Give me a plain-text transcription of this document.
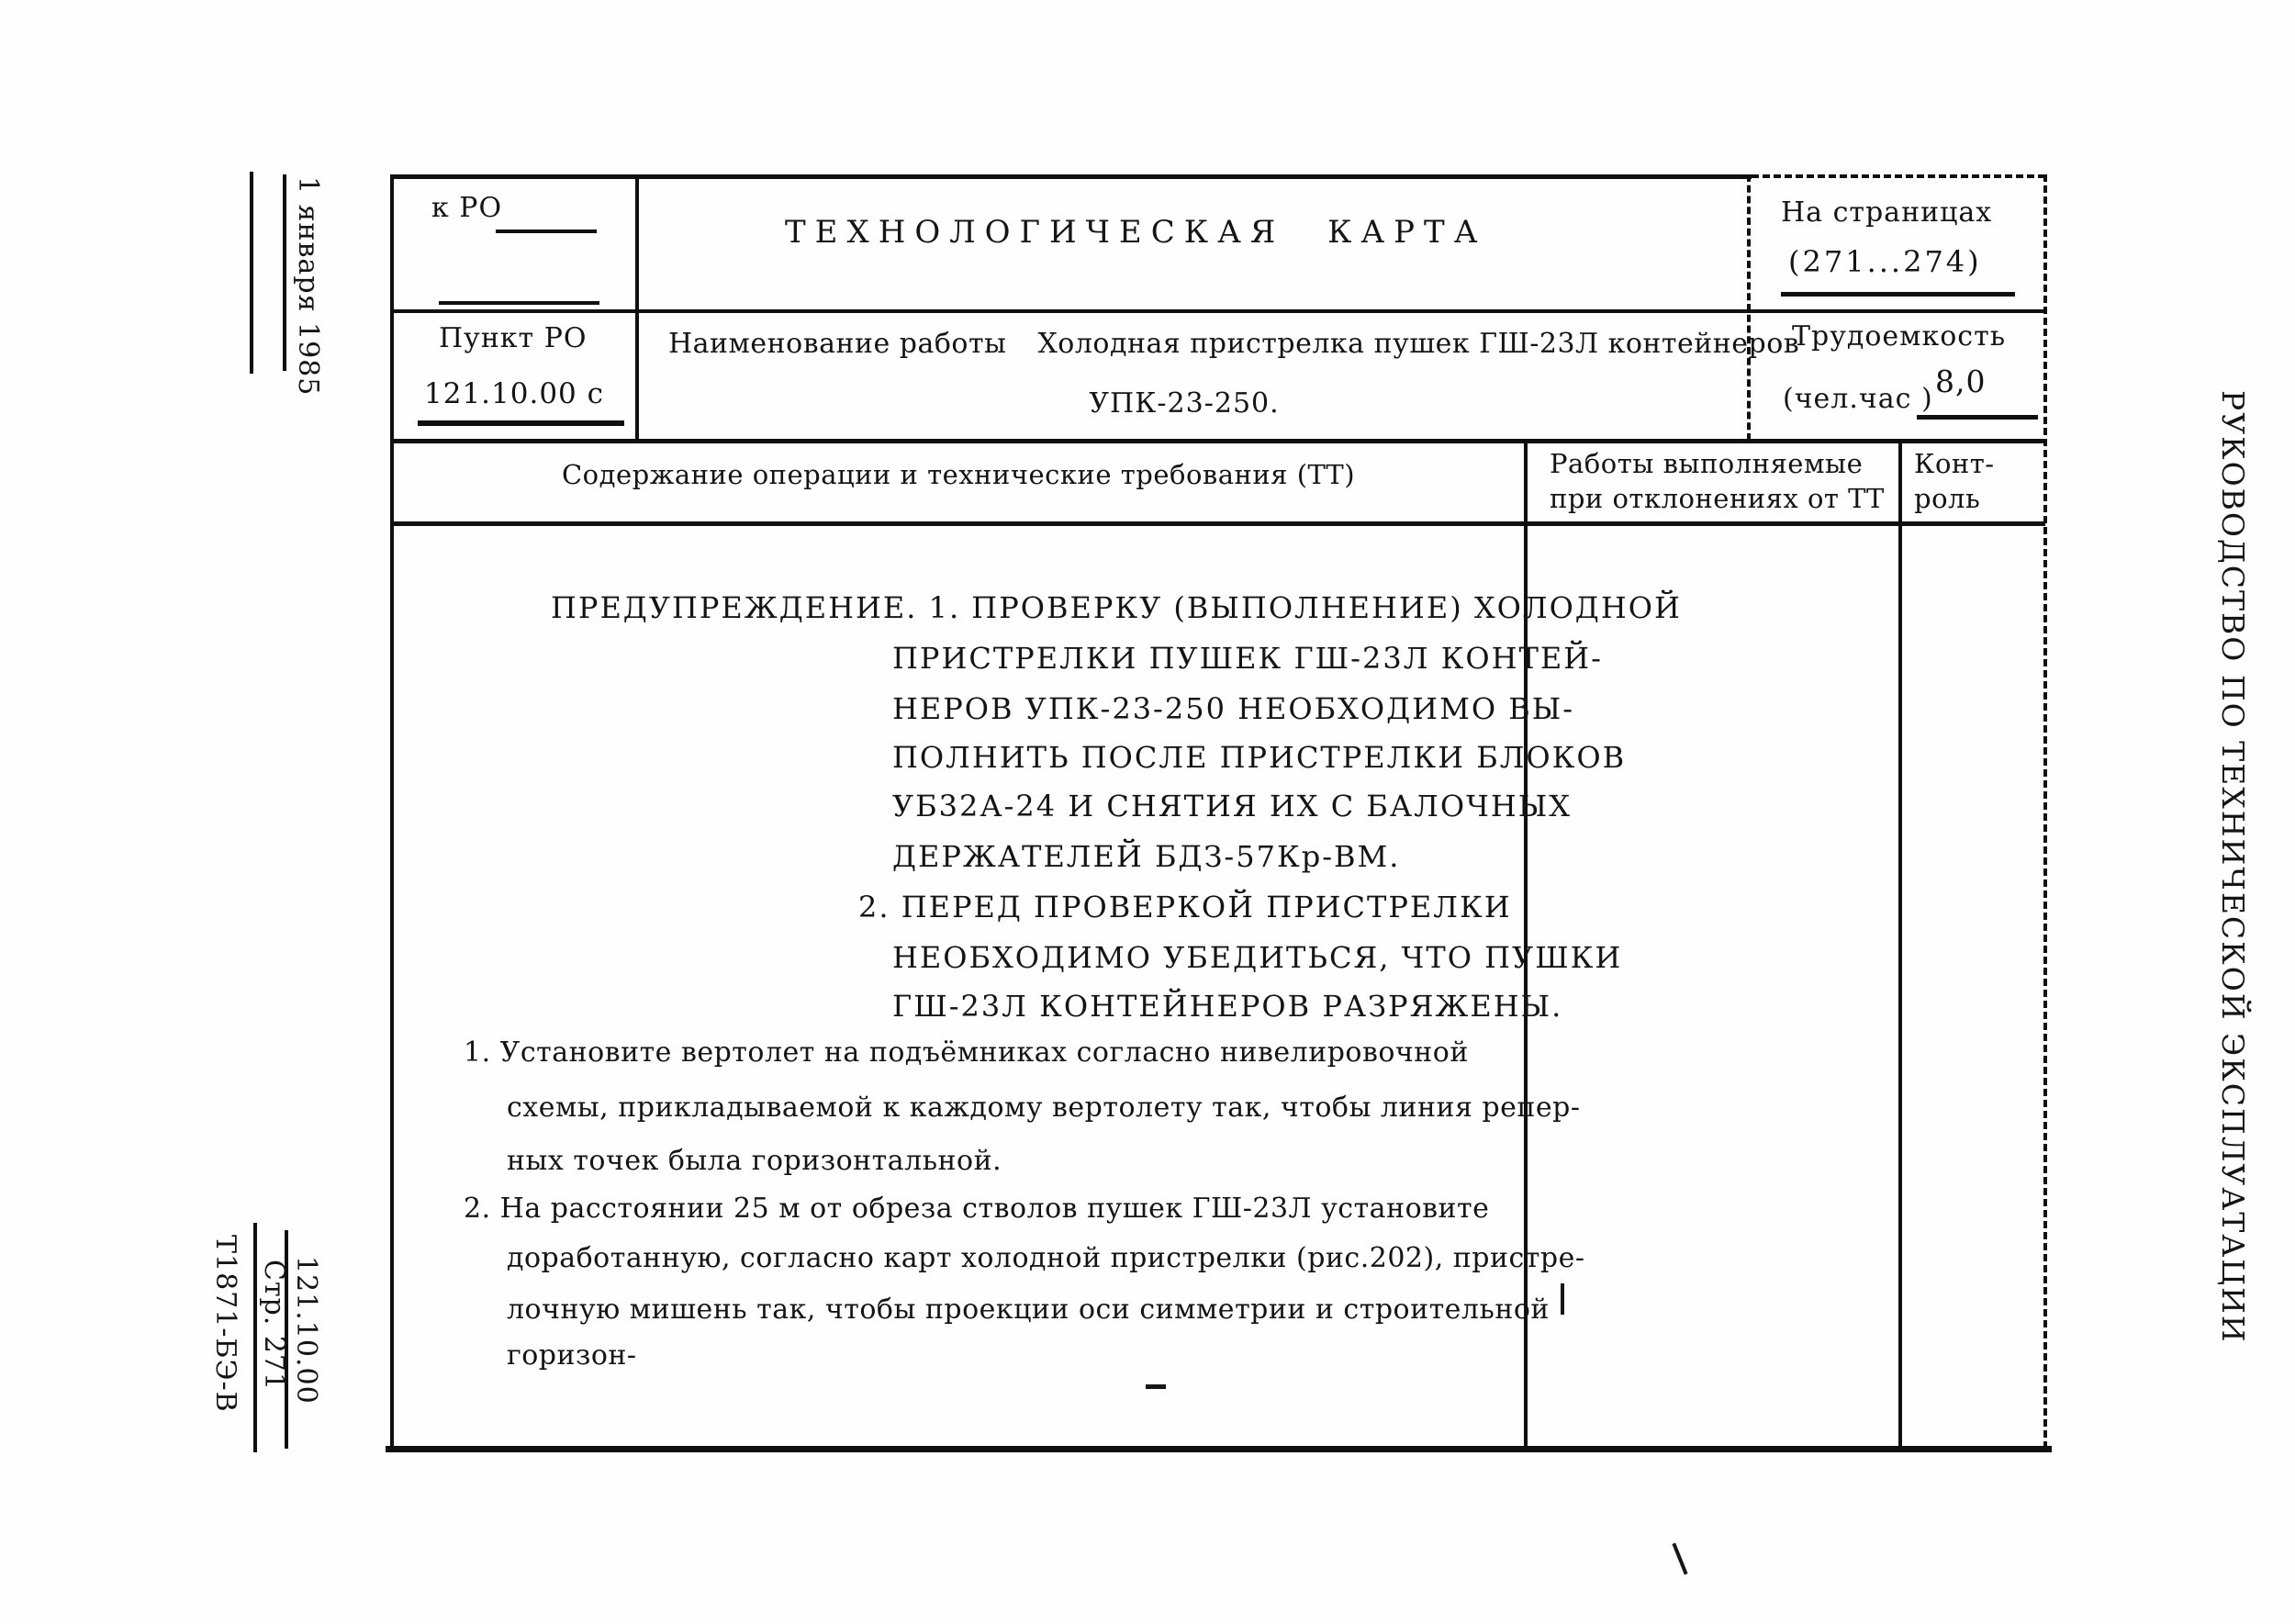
1 января 1985
121.10.00
Стр. 271
Т1871-БЭ-В	РУКОВОДСТВО ПО ТЕХНИЧЕСКОЙ ЭКСПЛУАТАЦИИ
к РО
ТЕХНОЛОГИЧЕСКАЯ КАРТА
На страницах
(271...274)
Пункт РО
121.10.00 с
Наименование работы Холодная пристрелка пушек ГШ-23Л контейнеров
УПК-23-250.
Трудоемкость
(чел.час ) 8,0
Содержание операции и технические требования (ТТ)	Работы выполняемые
при отклонениях от ТТ
Конт-
роль
ПРЕДУПРЕЖДЕНИЕ. 1. ПРОВЕРКУ (ВЫПОЛНЕНИЕ) ХОЛОДНОЙ
ПРИСТРЕЛКИ ПУШЕК ГШ-23Л КОНТЕЙ-
НЕРОВ УПК-23-250 НЕОБХОДИМО ВЫ-
ПОЛНИТЬ ПОСЛЕ ПРИСТРЕЛКИ БЛОКОВ
УБ32А-24 И СНЯТИЯ ИХ С БАЛОЧНЫХ
ДЕРЖАТЕЛЕЙ БДЗ-57Кр-ВМ.
2. ПЕРЕД ПРОВЕРКОЙ ПРИСТРЕЛКИ
НЕОБХОДИМО УБЕДИТЬСЯ, ЧТО ПУШКИ
ГШ-23Л КОНТЕЙНЕРОВ РАЗРЯЖЕНЫ.
1. Установите вертолет на подъёмниках согласно нивелировочной
схемы, прикладываемой к каждому вертолету так, чтобы линия репер-
ных точек была горизонтальной.
2. На расстоянии 25 м от обреза стволов пушек ГШ-23Л установите
доработанную, согласно карт холодной пристрелки (рис.202), пристре-
лочную мишень так, чтобы проекции оси симметрии и строительной
горизон-
